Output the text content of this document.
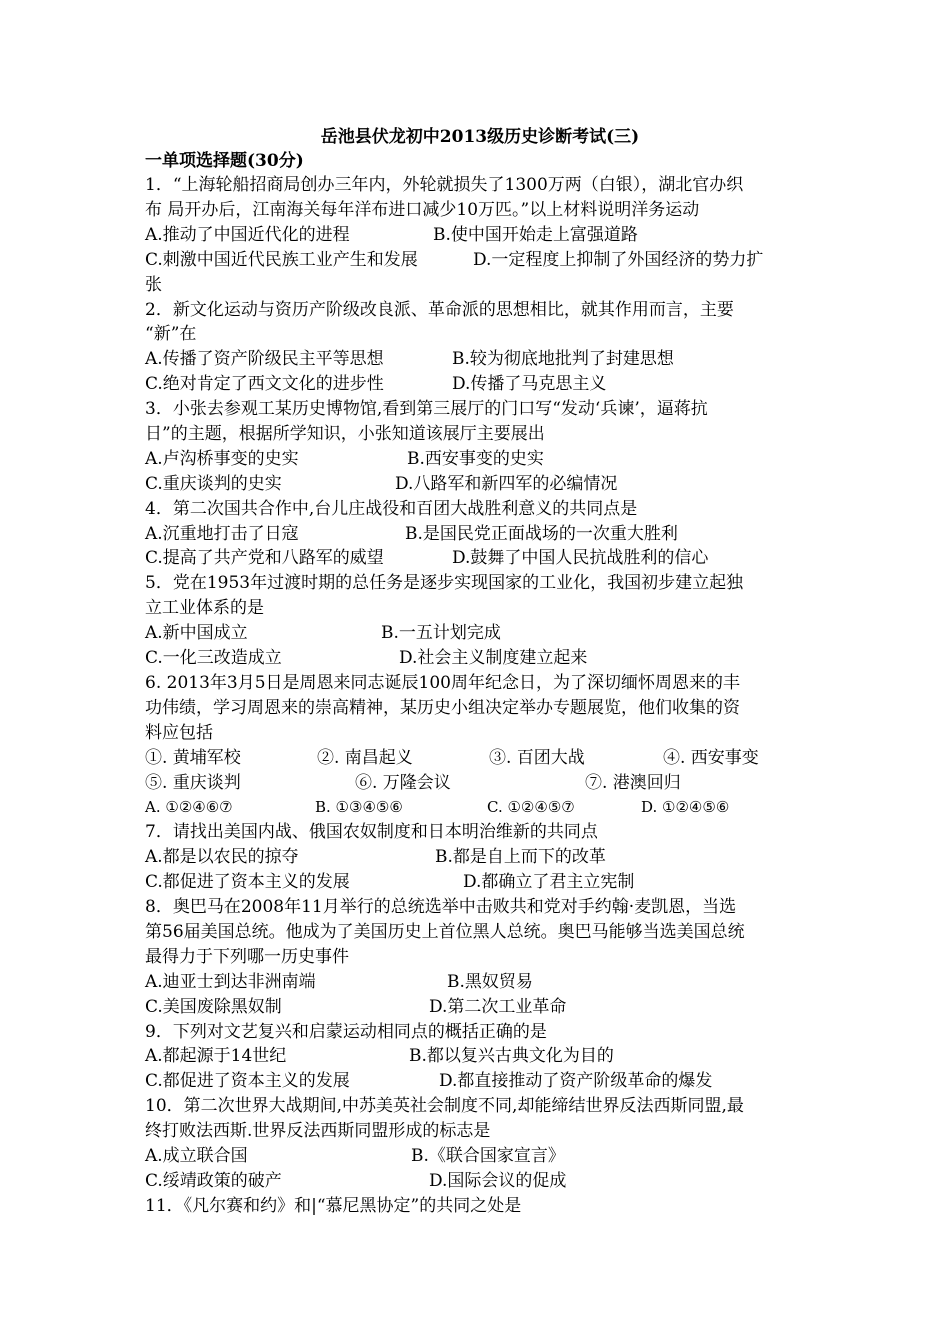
岳池县伏龙初中2013级历史诊断考试(三)

一单项选择题(30分)

1．“上海轮船招商局创办三年内，外轮就损失了1300万两（白银），湖北官办织

布 局开办后，江南海关每年洋布进口减少10万匹。”以上材料说明洋务运动

A.推动了中国近代化的进程	B.使中国开始走上富强道路
C.刺激中国近代民族工业产生和发展	D.一定程度上抑制了外国经济的势力扩

张

2．新文化运动与资历产阶级改良派、革命派的思想相比，就其作用而言，主要

“新”在

A.传播了资产阶级民主平等思想	B.较为彻底地批判了封建思想
C.绝对肯定了西文文化的进步性	D.传播了马克思主义

3．小张去参观工某历史博物馆,看到第三展厅的门口写“发动‘兵谏’，逼蒋抗

日”的主题，根据所学知识，小张知道该展厅主要展出

A.卢沟桥事变的史实	B.西安事变的史实
C.重庆谈判的史实	D.八路军和新四军的必编情况

4．第二次国共合作中,台儿庄战役和百团大战胜利意义的共同点是

A.沉重地打击了日寇	B.是国民党正面战场的一次重大胜利
C.提高了共产党和八路军的威望	D.鼓舞了中国人民抗战胜利的信心

5．党在1953年过渡时期的总任务是逐步实现国家的工业化，我国初步建立起独

立工业体系的是

A.新中国成立	B.一五计划完成
C.一化三改造成立	D.社会主义制度建立起来

6. 2013年3月5日是周恩来同志诞辰100周年纪念日，为了深切缅怀周恩来的丰

功伟绩，学习周恩来的崇高精神，某历史小组决定举办专题展览，他们收集的资

料应包括

①. 黄埔军校	②. 南昌起义	③. 百团大战	④. 西安事变
⑤. 重庆谈判	⑥. 万隆会议	⑦. 港澳回归
A. ①②④⑥⑦	B. ①③④⑤⑥	C. ①②④⑤⑦	D. ①②④⑤⑥

7．请找出美国内战、俄国农奴制度和日本明治维新的共同点

A.都是以农民的掠夺	B.都是自上而下的改革
C.都促进了资本主义的发展	D.都确立了君主立宪制

8．奥巴马在2008年11月举行的总统选举中击败共和党对手约翰·麦凯恩，当选

第56届美国总统。他成为了美国历史上首位黑人总统。奥巴马能够当选美国总统

最得力于下列哪一历史事件

A.迪亚士到达非洲南端	B.黑奴贸易
C.美国废除黑奴制	D.第二次工业革命

9．下列对文艺复兴和启蒙运动相同点的概括正确的是

A.都起源于14世纪	B.都以复兴古典文化为目的
C.都促进了资本主义的发展	D.都直接推动了资产阶级革命的爆发

10．第二次世界大战期间,中苏美英社会制度不同,却能缔结世界反法西斯同盟,最

终打败法西斯.世界反法西斯同盟形成的标志是

A.成立联合国	B.《联合国家宣言》
C.绥靖政策的破产	D.国际会议的促成

11．《凡尔赛和约》和|“慕尼黑协定”的共同之处是
